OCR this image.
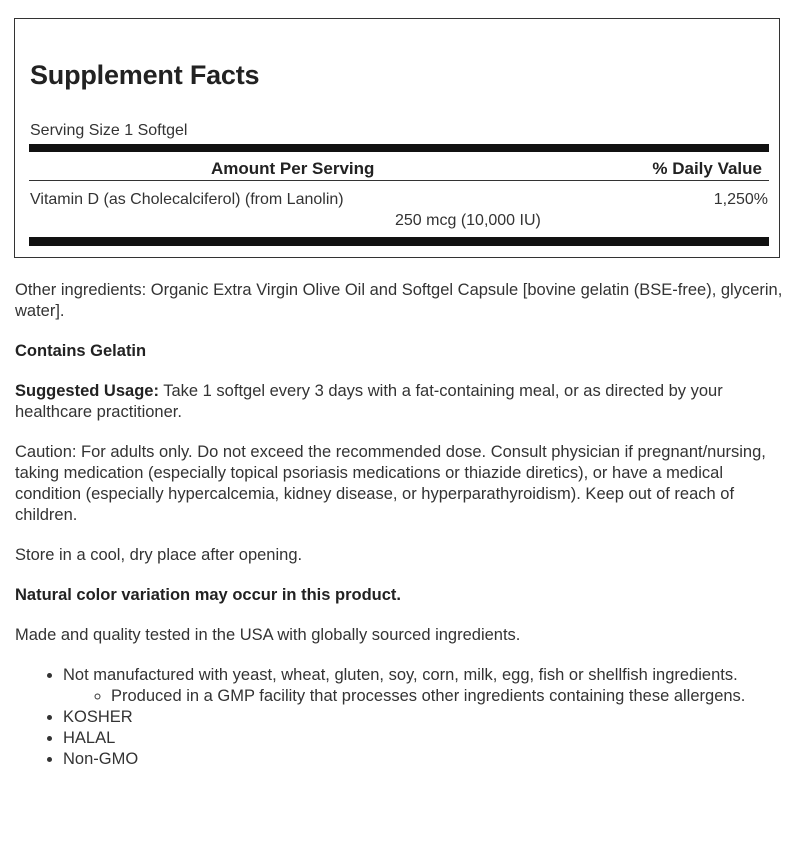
Supplement Facts
Serving Size 1 Softgel
Amount Per Serving	% Daily Value
Vitamin D (as Cholecalciferol) (from Lanolin)
250 mcg (10,000 IU)
1,250%

Other ingredients: Organic Extra Virgin Olive Oil and Softgel Capsule [bovine gelatin (BSE-free), glycerin, water].

Contains Gelatin

Suggested Usage: Take 1 softgel every 3 days with a fat-containing meal, or as directed by your healthcare practitioner.

Caution: For adults only. Do not exceed the recommended dose. Consult physician if pregnant/nursing, taking medication (especially topical psoriasis medications or thiazide diretics), or have a medical condition (especially hypercalcemia, kidney disease, or hyperparathyroidism). Keep out of reach of children.

Store in a cool, dry place after opening.

Natural color variation may occur in this product.

Made and quality tested in the USA with globally sourced ingredients.

• Not manufactured with yeast, wheat, gluten, soy, corn, milk, egg, fish or shellfish ingredients.
◦ Produced in a GMP facility that processes other ingredients containing these allergens.
• KOSHER
• HALAL
• Non-GMO
